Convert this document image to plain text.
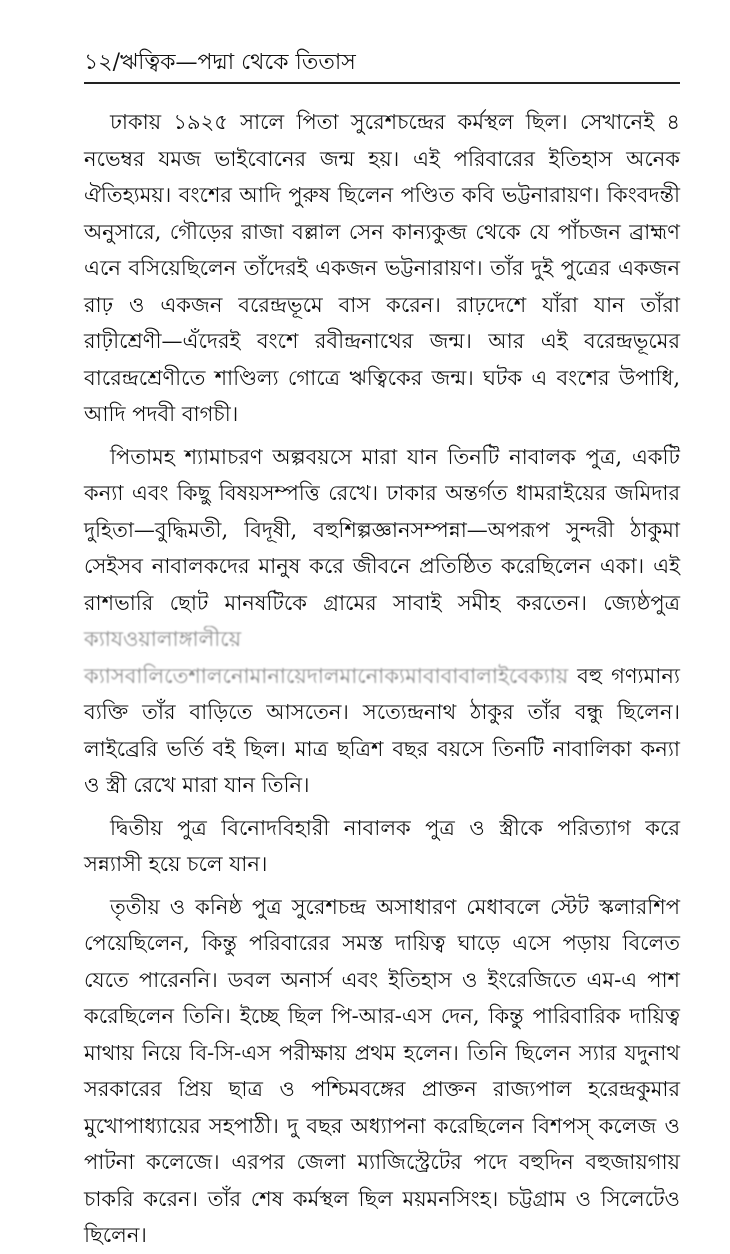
১২/ঋত্বিক—পদ্মা থেকে তিতাস

ঢাকায় ১৯২৫ সালে পিতা সুরেশচন্দ্রের কর্মস্থল ছিল। সেখানেই ৪ নভেম্বর যমজ ভাইবোনের জন্ম হয়। এই পরিবারের ইতিহাস অনেক ঐতিহ্যময়। বংশের আদি পুরুষ ছিলেন পণ্ডিত কবি ভট্টনারায়ণ। কিংবদন্তী অনুসারে, গৌড়ের রাজা বল্লাল সেন কান্যকুব্জ থেকে যে পাঁচজন ব্রাহ্মণ এনে বসিয়েছিলেন তাঁদেরই একজন ভট্টনারায়ণ। তাঁর দুই পুত্রের একজন রাঢ় ও একজন বরেন্দ্রভূমে বাস করেন। রাঢ়দেশে যাঁরা যান তাঁরা রাঢ়ীশ্রেণী—এঁদেরই বংশে রবীন্দ্রনাথের জন্ম। আর এই বরেন্দ্রভূমের বারেন্দ্রশ্রেণীতে শাণ্ডিল্য গোত্রে ঋত্বিকের জন্ম। ঘটক এ বংশের উপাধি, আদি পদবী বাগচী।

পিতামহ শ্যামাচরণ অল্পবয়সে মারা যান তিনটি নাবালক পুত্র, একটি কন্যা এবং কিছু বিষয়সম্পত্তি রেখে। ঢাকার অন্তর্গত ধামরাইয়ের জমিদার দুহিতা—বুদ্ধিমতী, বিদূষী, বহুশিল্পজ্ঞানসম্পন্না—অপরূপ সুন্দরী ঠাকুমা সেইসব নাবালকদের মানুষ করে জীবনে প্রতিষ্ঠিত করেছিলেন একা। এই রাশভারি ছোট মানষটিকে গ্রামের সাবাই সমীহ করতেন। জ্যেষ্ঠপুত্র ক্যাযওয়ালাঙ্গালীয়ে ক্যাসবালিতেশালনোমানায়েদালমানোক্যমাবাবাবালাইবেক্যায় বহু গণ্যমান্য ব্যক্তি তাঁর বাড়িতে আসতেন। সত্যেন্দ্রনাথ ঠাকুর তাঁর বন্ধু ছিলেন। লাইব্রেরি ভর্তি বই ছিল। মাত্র ছত্রিশ বছর বয়সে তিনটি নাবালিকা কন্যা ও স্ত্রী রেখে মারা যান তিনি।

দ্বিতীয় পুত্র বিনোদবিহারী নাবালক পুত্র ও স্ত্রীকে পরিত্যাগ করে সন্ন্যাসী হয়ে চলে যান।

তৃতীয় ও কনিষ্ঠ পুত্র সুরেশচন্দ্র অসাধারণ মেধাবলে স্টেট স্কলারশিপ পেয়েছিলেন, কিন্তু পরিবারের সমস্ত দায়িত্ব ঘাড়ে এসে পড়ায় বিলেত যেতে পারেননি। ডবল অনার্স এবং ইতিহাস ও ইংরেজিতে এম-এ পাশ করেছিলেন তিনি। ইচ্ছে ছিল পি-আর-এস দেন, কিন্তু পারিবারিক দায়িত্ব মাথায় নিয়ে বি-সি-এস পরীক্ষায় প্রথম হলেন। তিনি ছিলেন স্যার যদুনাথ সরকারের প্রিয় ছাত্র ও পশ্চিমবঙ্গের প্রাক্তন রাজ্যপাল হরেন্দ্রকুমার মুখোপাধ্যায়ের সহপাঠী। দু বছর অধ্যাপনা করেছিলেন বিশপস্ কলেজ ও পাটনা কলেজে। এরপর জেলা ম্যাজিস্ট্রেটের পদে বহুদিন বহুজায়গায় চাকরি করেন। তাঁর শেষ কর্মস্থল ছিল ময়মনসিংহ। চট্টগ্রাম ও সিলেটেও ছিলেন।
